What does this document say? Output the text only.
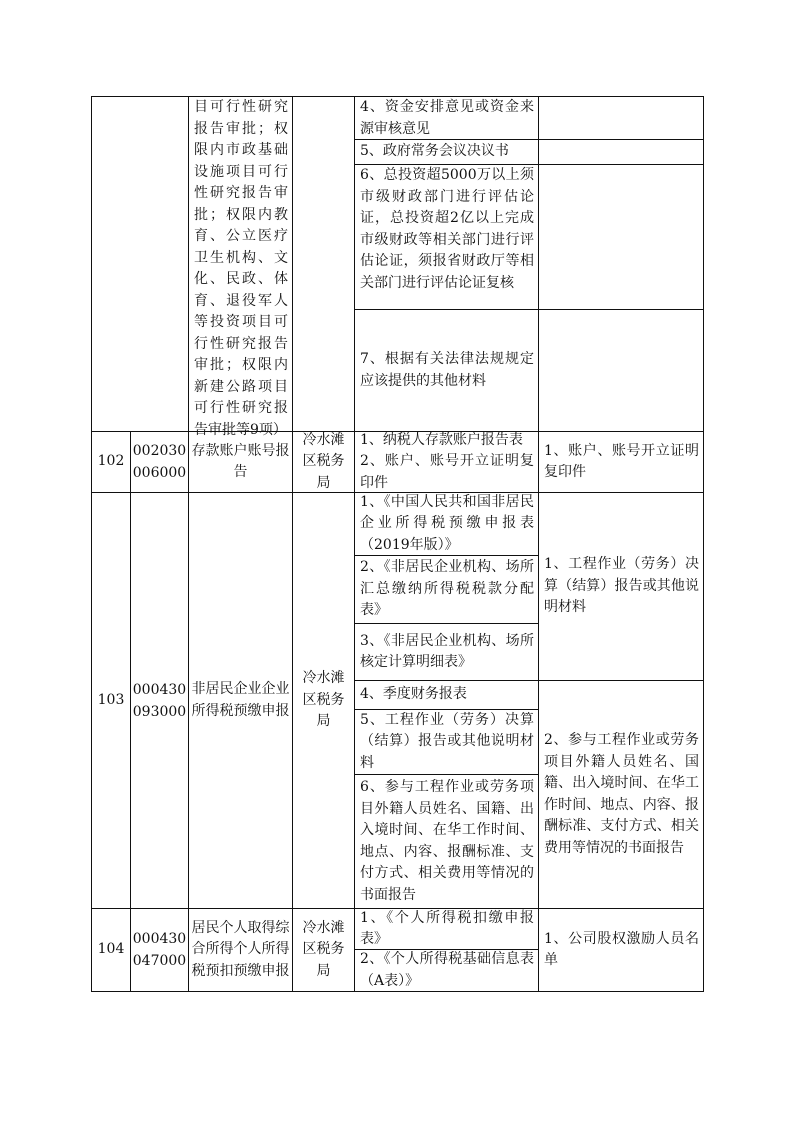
目可行性研究报告审批；权限内市政基础设施项目可行性研究报告审批；权限内教育、公立医疗卫生机构、文化、民政、体育、退役军人等投资项目可行性研究报告审批；权限内新建公路项目可行性研究报告审批等9项）
4、资金安排意见或资金来源审核意见
5、政府常务会议决议书
6、总投资超5000万以上须市级财政部门进行评估论证，总投资超2亿以上完成市级财政等相关部门进行评估论证，须报省财政厅等相关部门进行评估论证复核
7、根据有关法律法规规定应该提供的其他材料
102
002030
006000
存款账户账号报告
冷水滩区税务局
1、纳税人存款账户报告表
2、账户、账号开立证明复印件
1、账户、账号开立证明复印件
103
000430
093000
非居民企业企业所得税预缴申报
冷水滩区税务局
1、《中国人民共和国非居民企业所得税预缴申报表（2019年版）》
2、《非居民企业机构、场所汇总缴纳所得税税款分配表》
3、《非居民企业机构、场所核定计算明细表》
4、季度财务报表
5、工程作业（劳务）决算（结算）报告或其他说明材料
6、参与工程作业或劳务项目外籍人员姓名、国籍、出入境时间、在华工作时间、地点、内容、报酬标准、支付方式、相关费用等情况的书面报告
1、工程作业（劳务）决算（结算）报告或其他说明材料
2、参与工程作业或劳务项目外籍人员姓名、国籍、出入境时间、在华工作时间、地点、内容、报酬标准、支付方式、相关费用等情况的书面报告
104
000430
047000
居民个人取得综合所得个人所得税预扣预缴申报
冷水滩区税务局
1、《个人所得税扣缴申报表》
2、《个人所得税基础信息表（A表）》
1、公司股权激励人员名单
